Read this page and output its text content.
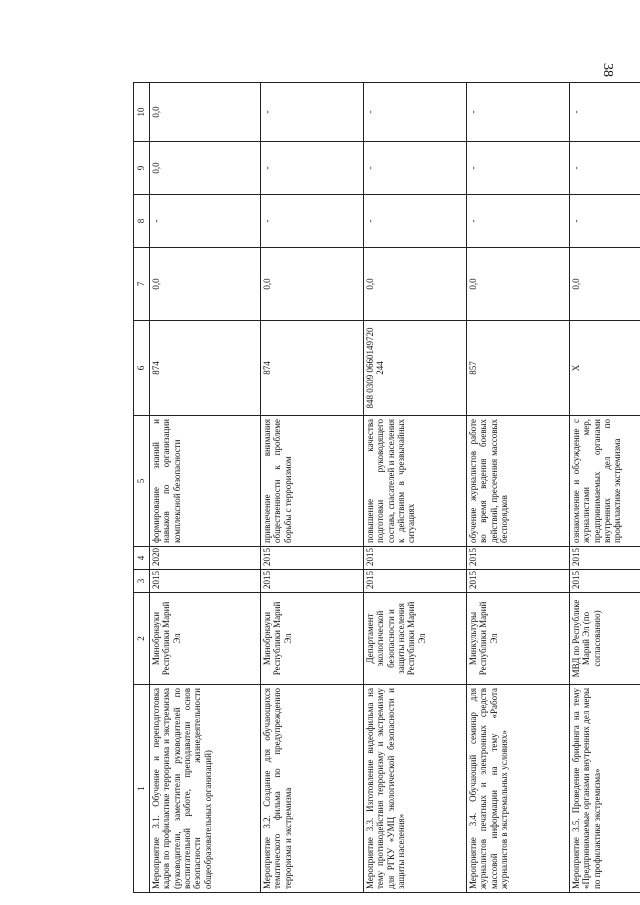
38
1	2	3	4	5	6	7	8	9	10
Мероприятие 3.1. Обучение и переподготовка кадров по профилактике терроризма и экстремизма (руководители, заместители руководителей по воспитательной работе, преподаватели основ безопасности жизнедеятельности общеобразовательных организаций)	Минобрнауки Республики Марий Эл	2015	2020	формирование знаний и навыков по организации комплексной безопасности	874	0,0	-	0,0	0,0
Мероприятие 3.2. Создание для обучающихся тематического фильма по предупреждению терроризма и экстремизма	Минобрнауки Республики Марий Эл	2015	2015	привлечение внимания общественности к проблеме борьбы с терроризмом	874	0,0	-	-	-
Мероприятие 3.3. Изготовление видеофильма на тему противодействия терроризму и экстремизму для РГКУ «УМЦ экологической безопасности и защиты населения»	Департамент экологической безопасности и защиты населения Республики Марий Эл	2015	2015	повышение качества подготовки руководящего состава, спасателей и населения к действиям в чрезвычайных ситуациях	848 0309 0660149720 244	0,0	-	-	-
Мероприятие 3.4. Обучающий семинар для журналистов печатных и электронных средств массовой информации на тему «Работа журналистов в экстремальных условиях»	Минкультуры Республики Марий Эл	2015	2015	обучение журналистов работе во время ведения боевых действий, пресечения массовых беспорядков	857	0,0	-	-	-
Мероприятие 3.5. Проведение брифинга на тему «Предпринимаемые органами внутренних дел меры по профилактике экстремизма»	МВД по Республике Марий Эл (по согласованию)	2015	2015	ознакомление и обсуждение с журналистами мер, предпринимаемых органами внутренних дел по профилактике экстремизма	Х	0,0	-	-	-
